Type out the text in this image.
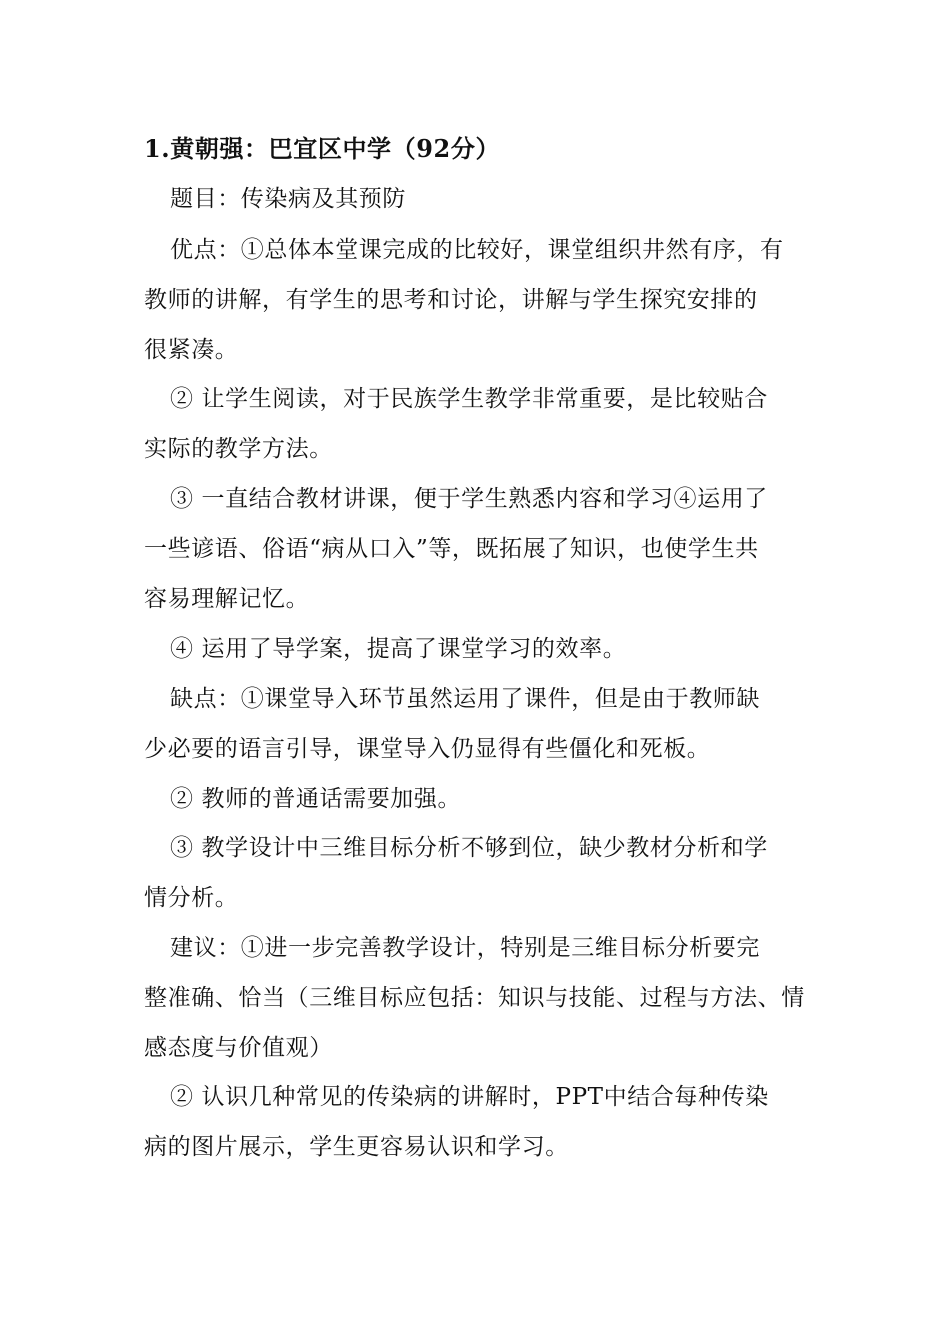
1.黄朝强：巴宜区中学（92分）
题目：传染病及其预防
优点：①总体本堂课完成的比较好，课堂组织井然有序，有
教师的讲解，有学生的思考和讨论，讲解与学生探究安排的
很紧凑。
② 让学生阅读，对于民族学生教学非常重要，是比较贴合
实际的教学方法。
③ 一直结合教材讲课，便于学生熟悉内容和学习④运用了
一些谚语、俗语“病从口入”等，既拓展了知识，也使学生共
容易理解记忆。
④ 运用了导学案，提高了课堂学习的效率。
缺点：①课堂导入环节虽然运用了课件，但是由于教师缺
少必要的语言引导，课堂导入仍显得有些僵化和死板。
② 教师的普通话需要加强。
③ 教学设计中三维目标分析不够到位，缺少教材分析和学
情分析。
建议：①进一步完善教学设计，特别是三维目标分析要完
整准确、恰当（三维目标应包括：知识与技能、过程与方法、情
感态度与价值观）
② 认识几种常见的传染病的讲解时，PPT中结合每种传染
病的图片展示，学生更容易认识和学习。
